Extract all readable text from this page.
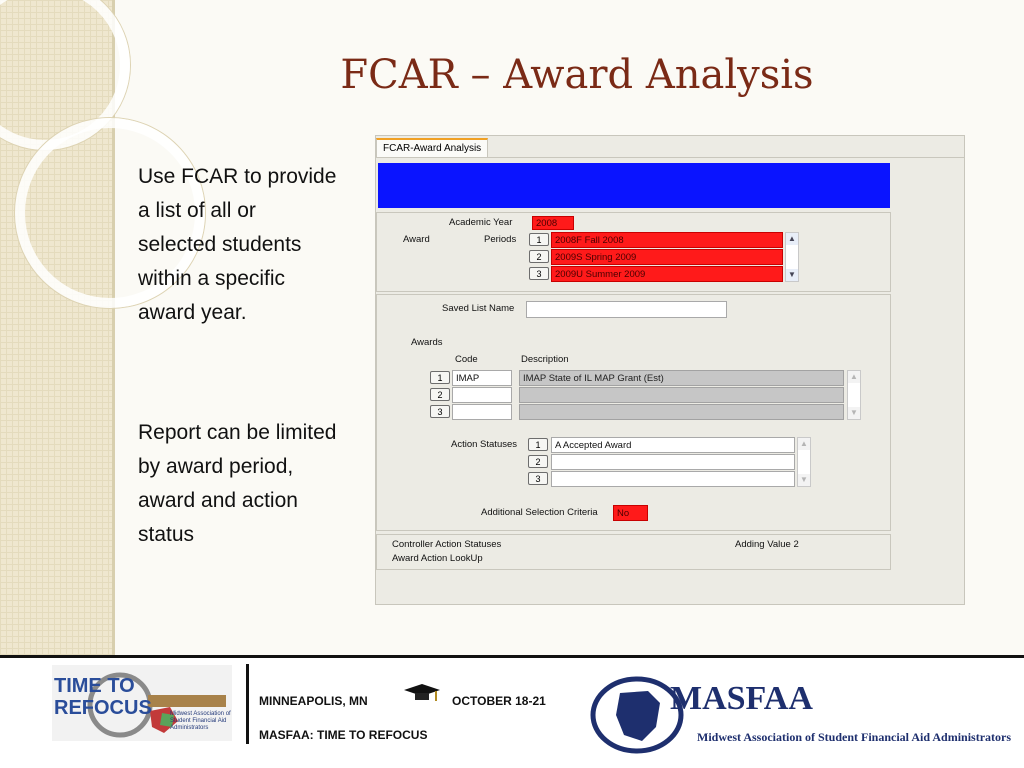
FCAR – Award Analysis
Use FCAR to provide a list of all or selected students within a specific award year.
Report can be limited by award period, award and action status
FCAR-Award Analysis
Academic Year	2008
Award	Periods	1	2008F Fall 2008
2	2009S Spring 2009
3	2009U Summer 2009
▲
▼
Saved List Name
Awards
Code	Description
1	IMAP	IMAP State of IL MAP Grant (Est)
2
3
▲
▼
Action Statuses	1	A Accepted Award
2
3
▲
▼
Additional Selection Criteria	No
Controller Action Statuses	Adding Value 2
Award Action LookUp
TIME TO
REFOCUS	Midwest Association of Student Financial Aid Administrators
MINNEAPOLIS, MN	OCTOBER 18-21
MASFAA: TIME TO REFOCUS
MASFAA
Midwest Association of Student Financial Aid Administrators
